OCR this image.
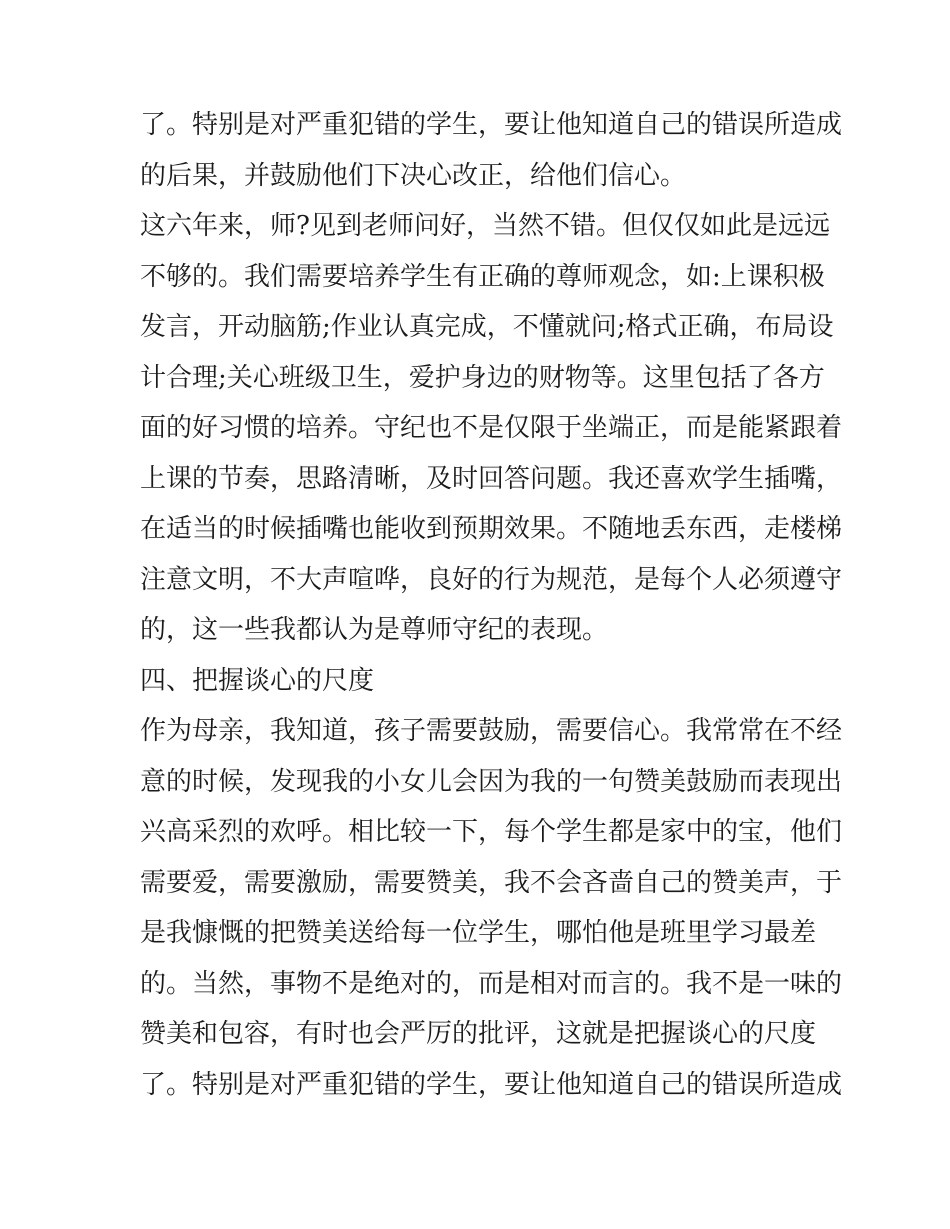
了。特别是对严重犯错的学生，要让他知道自己的错误所造成
的后果，并鼓励他们下决心改正，给他们信心。
这六年来，师?见到老师问好，当然不错。但仅仅如此是远远
不够的。我们需要培养学生有正确的尊师观念，如:上课积极
发言，开动脑筋;作业认真完成，不懂就问;格式正确，布局设
计合理;关心班级卫生，爱护身边的财物等。这里包括了各方
面的好习惯的培养。守纪也不是仅限于坐端正，而是能紧跟着
上课的节奏，思路清晰，及时回答问题。我还喜欢学生插嘴，
在适当的时候插嘴也能收到预期效果。不随地丢东西，走楼梯
注意文明，不大声喧哗，良好的行为规范，是每个人必须遵守
的，这一些我都认为是尊师守纪的表现。
四、把握谈心的尺度
作为母亲，我知道，孩子需要鼓励，需要信心。我常常在不经
意的时候，发现我的小女儿会因为我的一句赞美鼓励而表现出
兴高采烈的欢呼。相比较一下，每个学生都是家中的宝，他们
需要爱，需要激励，需要赞美，我不会吝啬自己的赞美声，于
是我慷慨的把赞美送给每一位学生，哪怕他是班里学习最差
的。当然，事物不是绝对的，而是相对而言的。我不是一味的
赞美和包容，有时也会严厉的批评，这就是把握谈心的尺度
了。特别是对严重犯错的学生，要让他知道自己的错误所造成
